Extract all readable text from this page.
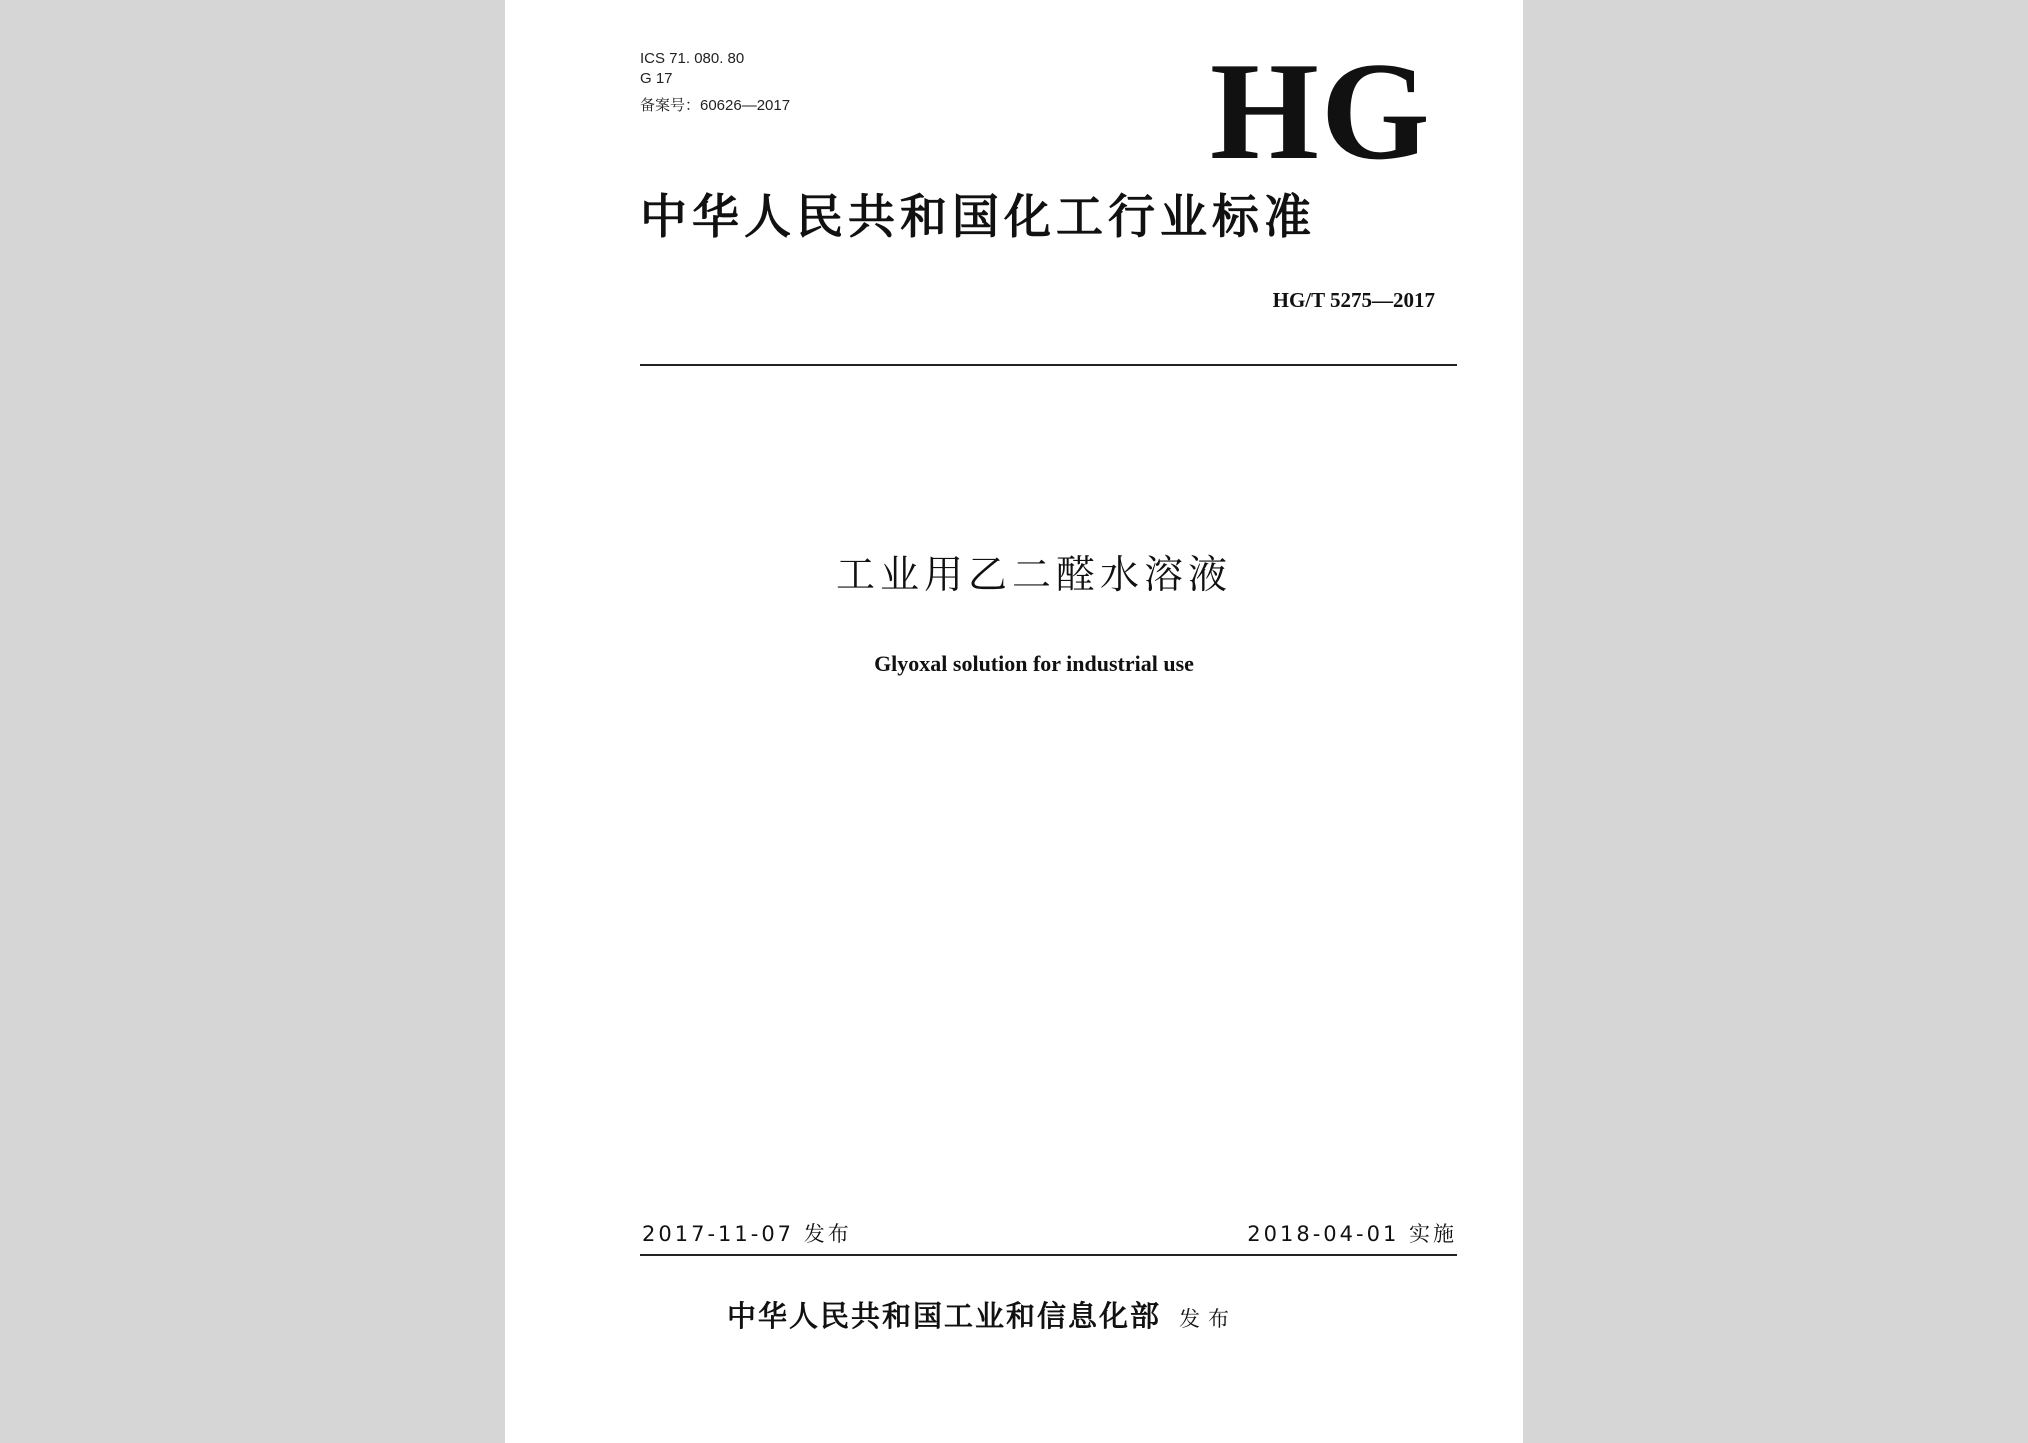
ICS 71. 080. 80
G 17
备案号：60626—2017	HG
中华人民共和国化工行业标准
HG/T 5275—2017
工业用乙二醛水溶液
Glyoxal solution for industrial use
2017-11-07 发布	2018-04-01 实施
中华人民共和国工业和信息化部 发布
